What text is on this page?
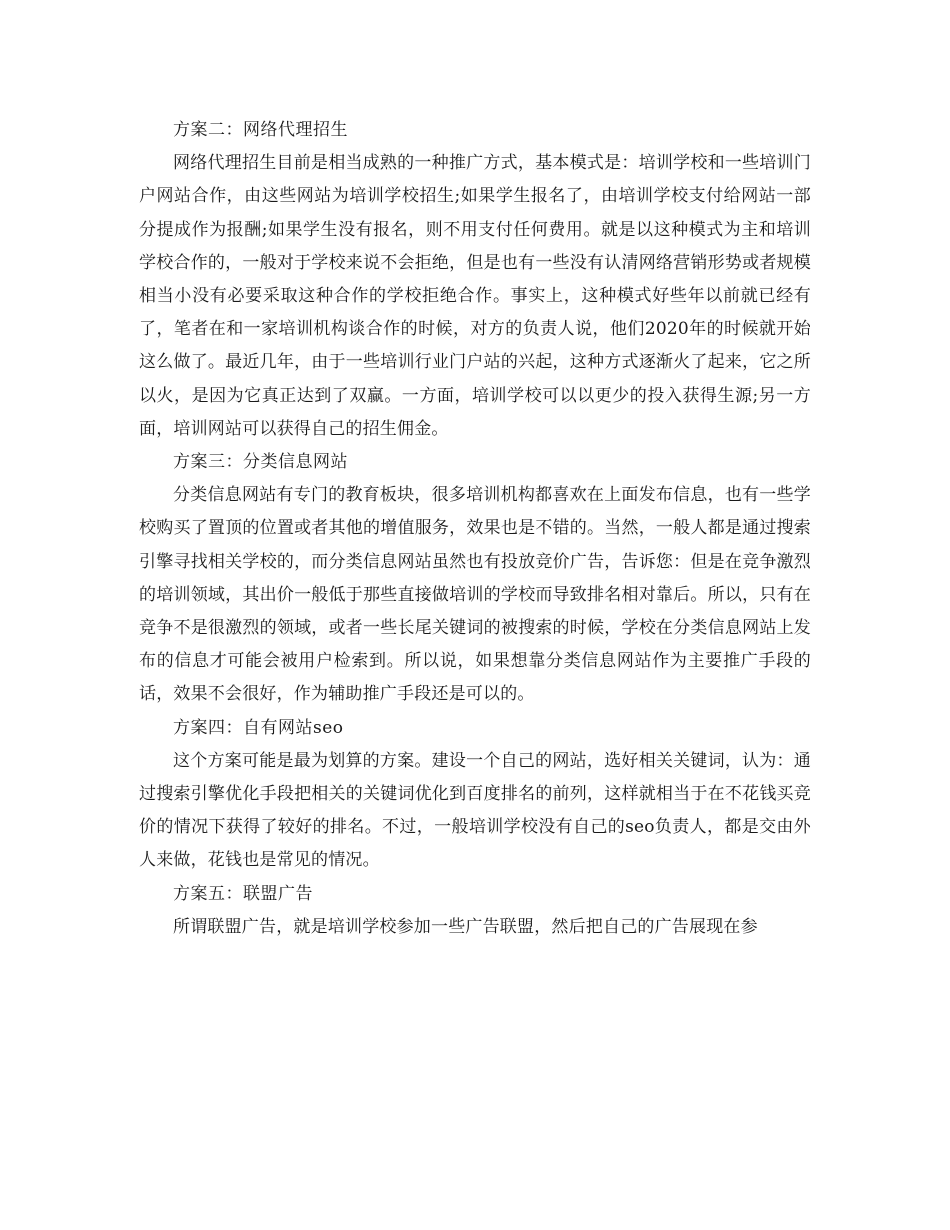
方案二：网络代理招生

网络代理招生目前是相当成熟的一种推广方式，基本模式是：培训学校和一些培训门户网站合作，由这些网站为培训学校招生;如果学生报名了，由培训学校支付给网站一部分提成作为报酬;如果学生没有报名，则不用支付任何费用。就是以这种模式为主和培训学校合作的，一般对于学校来说不会拒绝，但是也有一些没有认清网络营销形势或者规模相当小没有必要采取这种合作的学校拒绝合作。事实上，这种模式好些年以前就已经有了，笔者在和一家培训机构谈合作的时候，对方的负责人说，他们2020年的时候就开始这么做了。最近几年，由于一些培训行业门户站的兴起，这种方式逐渐火了起来，它之所以火，是因为它真正达到了双赢。一方面，培训学校可以以更少的投入获得生源;另一方面，培训网站可以获得自己的招生佣金。

方案三：分类信息网站

分类信息网站有专门的教育板块，很多培训机构都喜欢在上面发布信息，也有一些学校购买了置顶的位置或者其他的增值服务，效果也是不错的。当然，一般人都是通过搜索引擎寻找相关学校的，而分类信息网站虽然也有投放竞价广告，告诉您：但是在竞争激烈的培训领域，其出价一般低于那些直接做培训的学校而导致排名相对靠后。所以，只有在竞争不是很激烈的领域，或者一些长尾关键词的被搜索的时候，学校在分类信息网站上发布的信息才可能会被用户检索到。所以说，如果想靠分类信息网站作为主要推广手段的话，效果不会很好，作为辅助推广手段还是可以的。

方案四：自有网站seo

这个方案可能是最为划算的方案。建设一个自己的网站，选好相关关键词，认为：通过搜索引擎优化手段把相关的关键词优化到百度排名的前列，这样就相当于在不花钱买竞价的情况下获得了较好的排名。不过，一般培训学校没有自己的seo负责人，都是交由外人来做，花钱也是常见的情况。

方案五：联盟广告

所谓联盟广告，就是培训学校参加一些广告联盟，然后把自己的广告展现在参
